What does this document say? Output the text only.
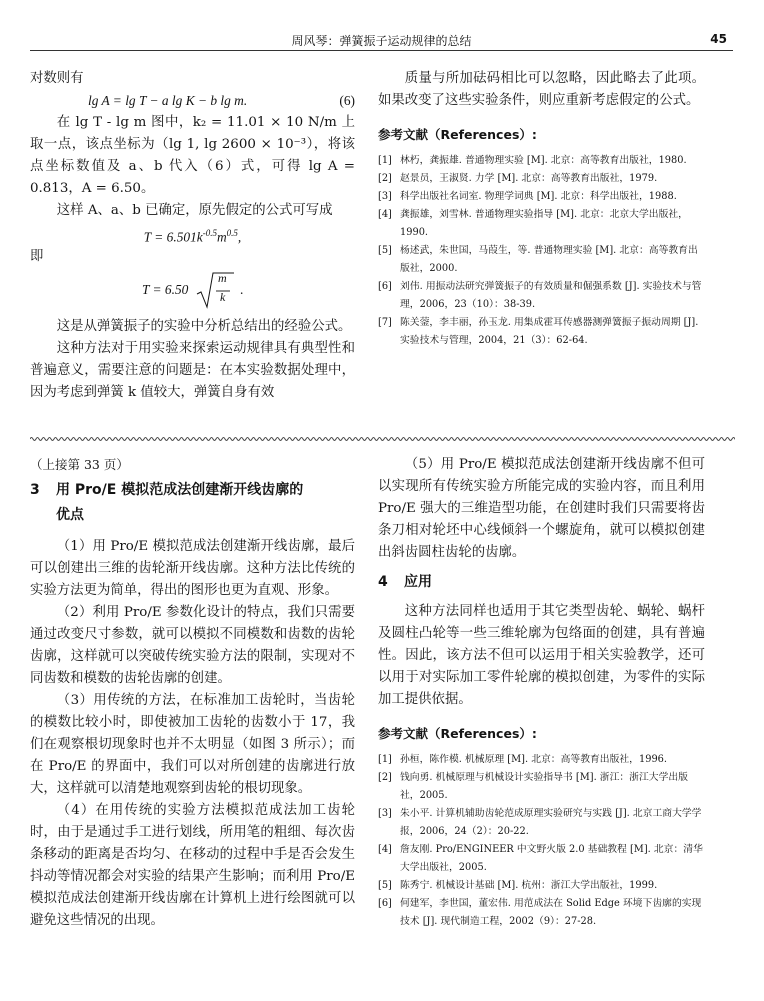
周风琴：弹簧振子运动规律的总结	45

对数则有

lg A = lg T − a lg K − b lg m.	(6)

在 lg T - lg m 图中，k₂ = 11.01 × 10 N/m 上取一点，该点坐标为（lg 1, lg 2600 × 10⁻³），将该点坐标数值及 a、b 代入（6）式，可得 lg A = 0.813，A = 6.50。

这样 A、a、b 已确定，原先假定的公式可写成

$T = 6.501k^{-0.5}m^{0.5}$,

即

T = 6.50
m
k .

这是从弹簧振子的实验中分析总结出的经验公式。

这种方法对于用实验来探索运动规律具有典型性和普遍意义，需要注意的问题是：在本实验数据处理中，因为考虑到弹簧 k 值较大，弹簧自身有效

质量与所加砝码相比可以忽略，因此略去了此项。如果改变了这些实验条件，则应重新考虑假定的公式。

参考文献（References）:
[1] 林朽，龚振雄. 普通物理实验 [M]. 北京：高等教育出版社，1980.
[2] 赵景员，王淑贤. 力学 [M]. 北京：高等教育出版社，1979.
[3] 科学出版社名词室. 物理学词典 [M]. 北京：科学出版社，1988.
[4] 龚振雄，刘雪林. 普通物理实验指导 [M]. 北京：北京大学出版社，1990.
[5] 杨述武，朱世国，马葭生，等. 普通物理实验 [M]. 北京：高等教育出版社，2000.
[6] 刘伟. 用振动法研究弹簧振子的有效质量和倔强系数 [J]. 实验技术与管理，2006，23（10）：38-39.
[7] 陈关蓥，李丰丽，孙玉龙. 用集成霍耳传感器测弹簧振子振动周期 [J]. 实验技术与管理，2004，21（3）：62-64.

（上接第 33 页）

3 用 Pro/E 模拟范成法创建渐开线齿廓的
优点

（1）用 Pro/E 模拟范成法创建渐开线齿廓，最后可以创建出三维的齿轮渐开线齿廓。这种方法比传统的实验方法更为简单，得出的图形也更为直观、形象。

（2）利用 Pro/E 参数化设计的特点，我们只需要通过改变尺寸参数，就可以模拟不同模数和齿数的齿轮齿廓，这样就可以突破传统实验方法的限制，实现对不同齿数和模数的齿轮齿廓的创建。

（3）用传统的方法，在标准加工齿轮时，当齿轮的模数比较小时，即使被加工齿轮的齿数小于 17，我们在观察根切现象时也并不太明显（如图 3 所示）；而在 Pro/E 的界面中，我们可以对所创建的齿廓进行放大，这样就可以清楚地观察到齿轮的根切现象。

（4）在用传统的实验方法模拟范成法加工齿轮时，由于是通过手工进行划线，所用笔的粗细、每次齿条移动的距离是否均匀、在移动的过程中手是否会发生抖动等情况都会对实验的结果产生影响；而利用 Pro/E 模拟范成法创建渐开线齿廓在计算机上进行绘图就可以避免这些情况的出现。

（5）用 Pro/E 模拟范成法创建渐开线齿廓不但可以实现所有传统实验方所能完成的实验内容，而且利用 Pro/E 强大的三维造型功能，在创建时我们只需要将齿条刀相对轮坯中心线倾斜一个螺旋角，就可以模拟创建出斜齿圆柱齿轮的齿廓。

4 应用

这种方法同样也适用于其它类型齿轮、蜗轮、蜗杆及圆柱凸轮等一些三维轮廓为包络面的创建，具有普遍性。因此，该方法不但可以运用于相关实验教学，还可以用于对实际加工零件轮廓的模拟创建，为零件的实际加工提供依据。

参考文献（References）:
[1] 孙桓，陈作模. 机械原理 [M]. 北京：高等教育出版社，1996.
[2] 钱向勇. 机械原理与机械设计实验指导书 [M]. 浙江：浙江大学出版社，2005.
[3] 朱小平. 计算机辅助齿轮范成原理实验研究与实践 [J]. 北京工商大学学报，2006，24（2）：20-22.
[4] 詹友刚. Pro/ENGINEER 中文野火版 2.0 基础教程 [M]. 北京：清华大学出版社，2005.
[5] 陈秀宁. 机械设计基础 [M]. 杭州：浙江大学出版社，1999.
[6] 何建军，李世国，董宏伟. 用范成法在 Solid Edge 环境下齿廓的实现技术 [J]. 现代制造工程，2002（9）：27-28.
